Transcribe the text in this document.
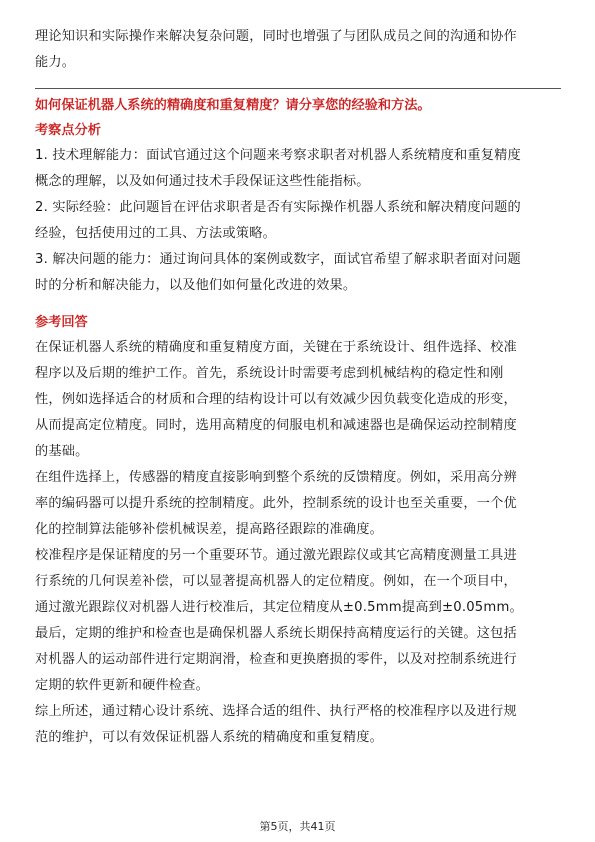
理论知识和实际操作来解决复杂问题，同时也增强了与团队成员之间的沟通和协作

能力。

如何保证机器人系统的精确度和重复精度？请分享您的经验和方法。

考察点分析

1. 技术理解能力：面试官通过这个问题来考察求职者对机器人系统精度和重复精度

概念的理解，以及如何通过技术手段保证这些性能指标。

2. 实际经验：此问题旨在评估求职者是否有实际操作机器人系统和解决精度问题的

经验，包括使用过的工具、方法或策略。

3. 解决问题的能力：通过询问具体的案例或数字，面试官希望了解求职者面对问题

时的分析和解决能力，以及他们如何量化改进的效果。

参考回答

在保证机器人系统的精确度和重复精度方面，关键在于系统设计、组件选择、校准

程序以及后期的维护工作。首先，系统设计时需要考虑到机械结构的稳定性和刚

性，例如选择适合的材质和合理的结构设计可以有效减少因负载变化造成的形变，

从而提高定位精度。同时，选用高精度的伺服电机和减速器也是确保运动控制精度

的基础。

在组件选择上，传感器的精度直接影响到整个系统的反馈精度。例如，采用高分辨

率的编码器可以提升系统的控制精度。此外，控制系统的设计也至关重要，一个优

化的控制算法能够补偿机械误差，提高路径跟踪的准确度。

校准程序是保证精度的另一个重要环节。通过激光跟踪仪或其它高精度测量工具进

行系统的几何误差补偿，可以显著提高机器人的定位精度。例如，在一个项目中，

通过激光跟踪仪对机器人进行校准后，其定位精度从±0.5mm提高到±0.05mm。

最后，定期的维护和检查也是确保机器人系统长期保持高精度运行的关键。这包括

对机器人的运动部件进行定期润滑，检查和更换磨损的零件，以及对控制系统进行

定期的软件更新和硬件检查。

综上所述，通过精心设计系统、选择合适的组件、执行严格的校准程序以及进行规

范的维护，可以有效保证机器人系统的精确度和重复精度。

第5页，共41页
